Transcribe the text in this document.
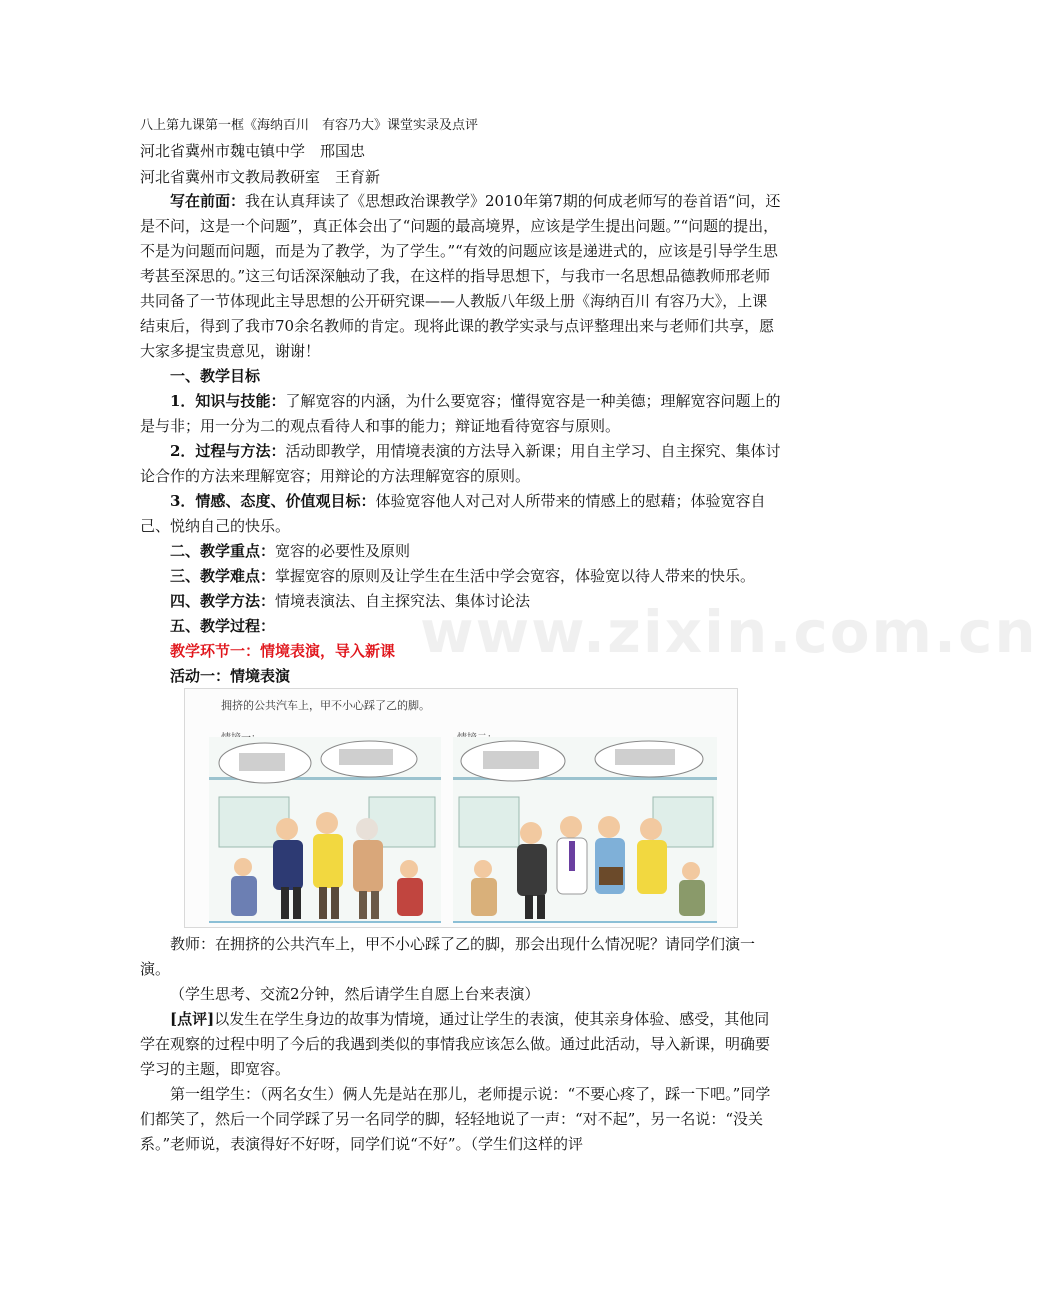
八上第九课第一框《海纳百川　有容乃大》课堂实录及点评
河北省冀州市魏屯镇中学　邢国忠
河北省冀州市文教局教研室　王育新

写在前面：我在认真拜读了《思想政治课教学》2010年第7期的何成老师写的卷首语“问，还是不问，这是一个问题”，真正体会出了“问题的最高境界，应该是学生提出问题。”“问题的提出，不是为问题而问题，而是为了教学，为了学生。”“有效的问题应该是递进式的，应该是引导学生思考甚至深思的。”这三句话深深触动了我，在这样的指导思想下，与我市一名思想品德教师邢老师共同备了一节体现此主导思想的公开研究课——人教版八年级上册《海纳百川 有容乃大》，上课结束后，得到了我市70余名教师的肯定。现将此课的教学实录与点评整理出来与老师们共享，愿大家多提宝贵意见，谢谢！

一、教学目标

1．知识与技能：了解宽容的内涵，为什么要宽容；懂得宽容是一种美德；理解宽容问题上的是与非；用一分为二的观点看待人和事的能力；辩证地看待宽容与原则。

2．过程与方法：活动即教学，用情境表演的方法导入新课；用自主学习、自主探究、集体讨论合作的方法来理解宽容；用辩论的方法理解宽容的原则。

3．情感、态度、价值观目标：体验宽容他人对己对人所带来的情感上的慰藉；体验宽容自己、悦纳自己的快乐。

二、教学重点：宽容的必要性及原则

三、教学难点：掌握宽容的原则及让学生在生活中学会宽容，体验宽以待人带来的快乐。

四、教学方法：情境表演法、自主探究法、集体讨论法

五、教学过程：

教学环节一：情境表演，导入新课

活动一：情境表演

www.zixin.com.cn
拥挤的公共汽车上，甲不小心踩了乙的脚。

教师：在拥挤的公共汽车上，甲不小心踩了乙的脚，那会出现什么情况呢？请同学们演一演。

（学生思考、交流2分钟，然后请学生自愿上台来表演）

[点评]以发生在学生身边的故事为情境，通过让学生的表演，使其亲身体验、感受，其他同学在观察的过程中明了今后的我遇到类似的事情我应该怎么做。通过此活动，导入新课，明确要学习的主题，即宽容。

第一组学生：（两名女生）俩人先是站在那儿，老师提示说：“不要心疼了，踩一下吧。”同学们都笑了，然后一个同学踩了另一名同学的脚，轻轻地说了一声：“对不起”，另一名说：“没关系。”老师说，表演得好不好呀，同学们说“不好”。（学生们这样的评
